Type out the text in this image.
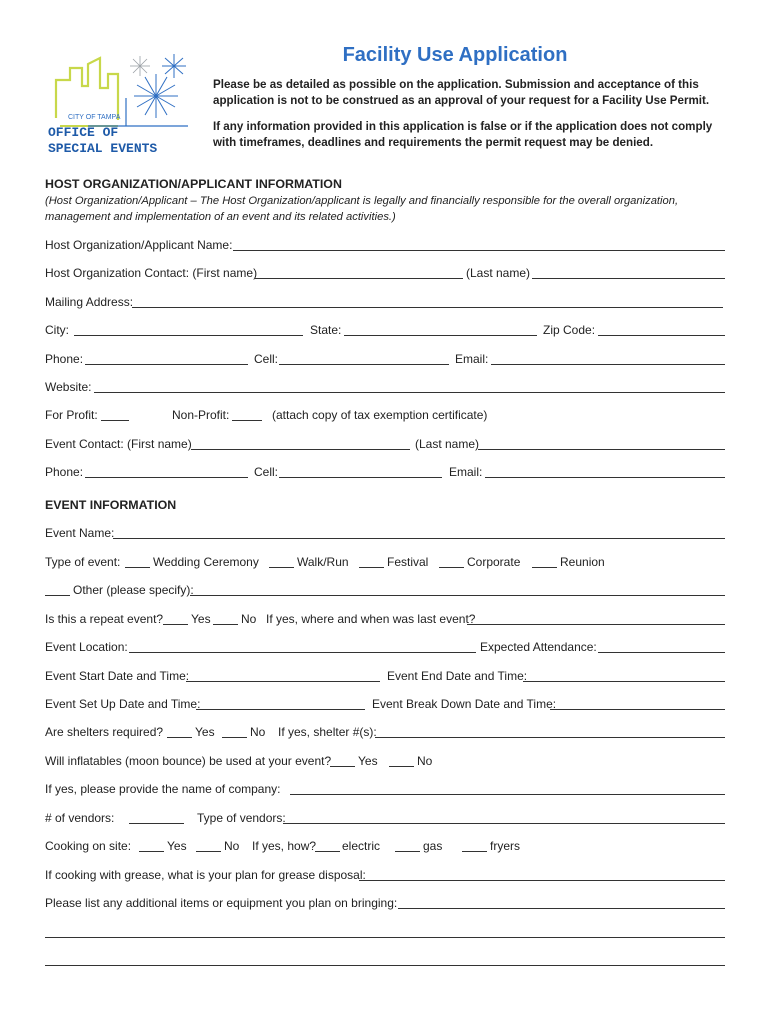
CITY OF TAMPA
OFFICE OF
SPECIAL EVENTS
Facility Use Application
Please be as detailed as possible on the application. Submission and acceptance of this
application is not to be construed as an approval of your request for a Facility Use Permit.
If any information provided in this application is false or if the application does not comply
with timeframes, deadlines and requirements the permit request may be denied.
HOST ORGANIZATION/APPLICANT INFORMATION
(Host Organization/Applicant – The Host Organization/applicant is legally and financially responsible for the overall organization,
management and implementation of an event and its related activities.)
Host Organization/Applicant Name:
Host Organization Contact: (First name)	(Last name)
Mailing Address:
City:	State:	Zip Code:
Phone:	Cell:	Email:
Website:
For Profit:	Non-Profit:	(attach copy of tax exemption certificate)
Event Contact: (First name)	(Last name)
Phone:	Cell:	Email:
EVENT INFORMATION
Event Name:
Type of event:	Wedding Ceremony	Walk/Run	Festival	Corporate	Reunion
Other (please specify):
Is this a repeat event? Yes	No If yes, where and when was last event?
Event Location:	Expected Attendance:
Event Start Date and Time:	Event End Date and Time:
Event Set Up Date and Time:	Event Break Down Date and Time:
Are shelters required?	Yes	No If yes, shelter #(s):
Will inflatables (moon bounce) be used at your event? Yes	No
If yes, please provide the name of company:
# of vendors:	Type of vendors:
Cooking on site:	Yes	No If yes, how? electric	gas	fryers
If cooking with grease, what is your plan for grease disposal:
Please list any additional items or equipment you plan on bringing:
